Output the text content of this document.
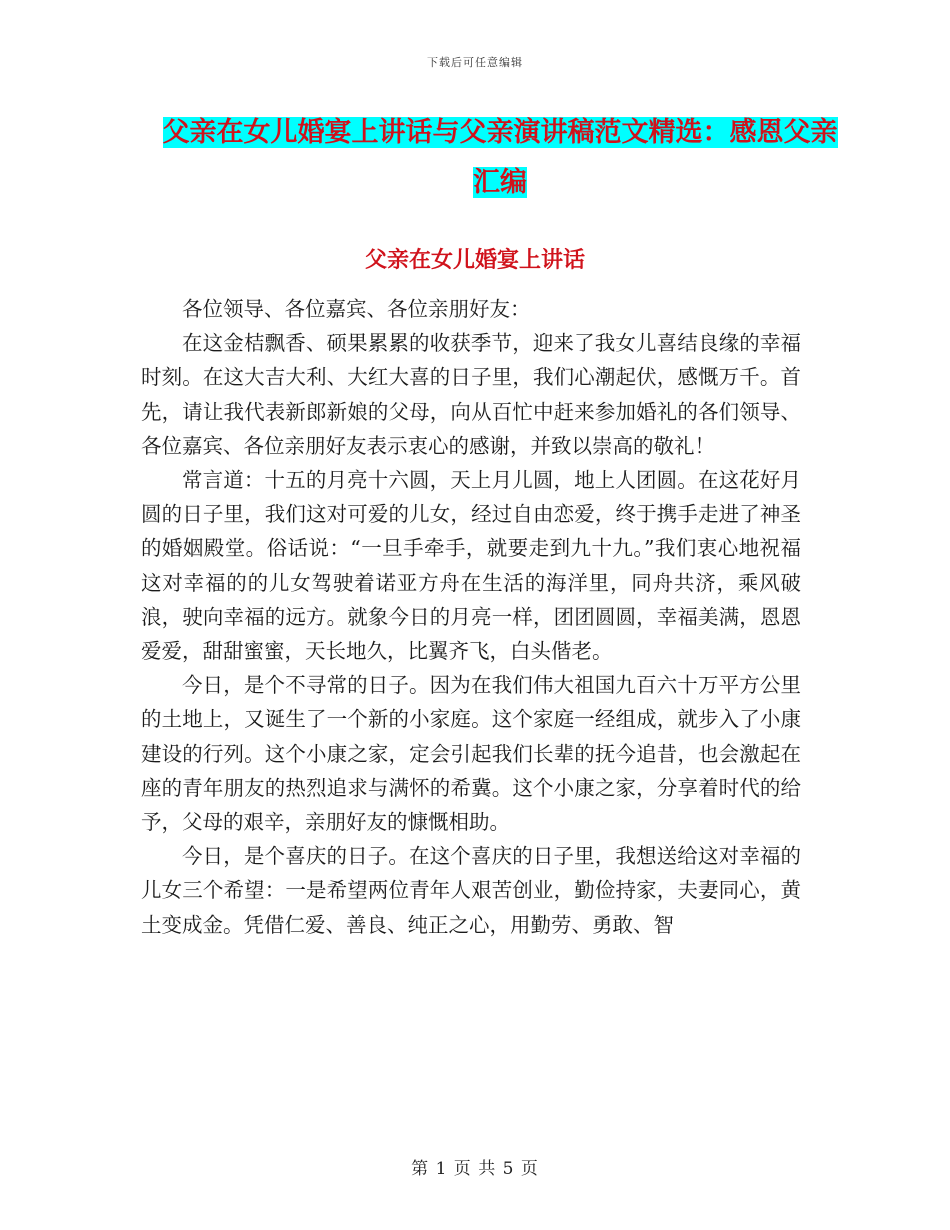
下载后可任意编辑
父亲在女儿婚宴上讲话与父亲演讲稿范文精选：感恩父亲汇编
父亲在女儿婚宴上讲话

各位领导、各位嘉宾、各位亲朋好友：

在这金桔飘香、硕果累累的收获季节，迎来了我女儿喜结良缘的幸福时刻。在这大吉大利、大红大喜的日子里，我们心潮起伏，感慨万千。首先，请让我代表新郎新娘的父母，向从百忙中赶来参加婚礼的各们领导、各位嘉宾、各位亲朋好友表示衷心的感谢，并致以崇高的敬礼！

常言道：十五的月亮十六圆，天上月儿圆，地上人团圆。在这花好月圆的日子里，我们这对可爱的儿女，经过自由恋爱，终于携手走进了神圣的婚姻殿堂。俗话说：“一旦手牵手，就要走到九十九。”我们衷心地祝福这对幸福的的儿女驾驶着诺亚方舟在生活的海洋里，同舟共济，乘风破浪，驶向幸福的远方。就象今日的月亮一样，团团圆圆，幸福美满，恩恩爱爱，甜甜蜜蜜，天长地久，比翼齐飞，白头偕老。

今日，是个不寻常的日子。因为在我们伟大祖国九百六十万平方公里的土地上，又诞生了一个新的小家庭。这个家庭一经组成，就步入了小康建设的行列。这个小康之家，定会引起我们长辈的抚今追昔，也会激起在座的青年朋友的热烈追求与满怀的希冀。这个小康之家，分享着时代的给予，父母的艰辛，亲朋好友的慷慨相助。

今日，是个喜庆的日子。在这个喜庆的日子里，我想送给这对幸福的儿女三个希望：一是希望两位青年人艰苦创业，勤俭持家，夫妻同心，黄土变成金。凭借仁爱、善良、纯正之心，用勤劳、勇敢、智

第 1 页 共 5 页
